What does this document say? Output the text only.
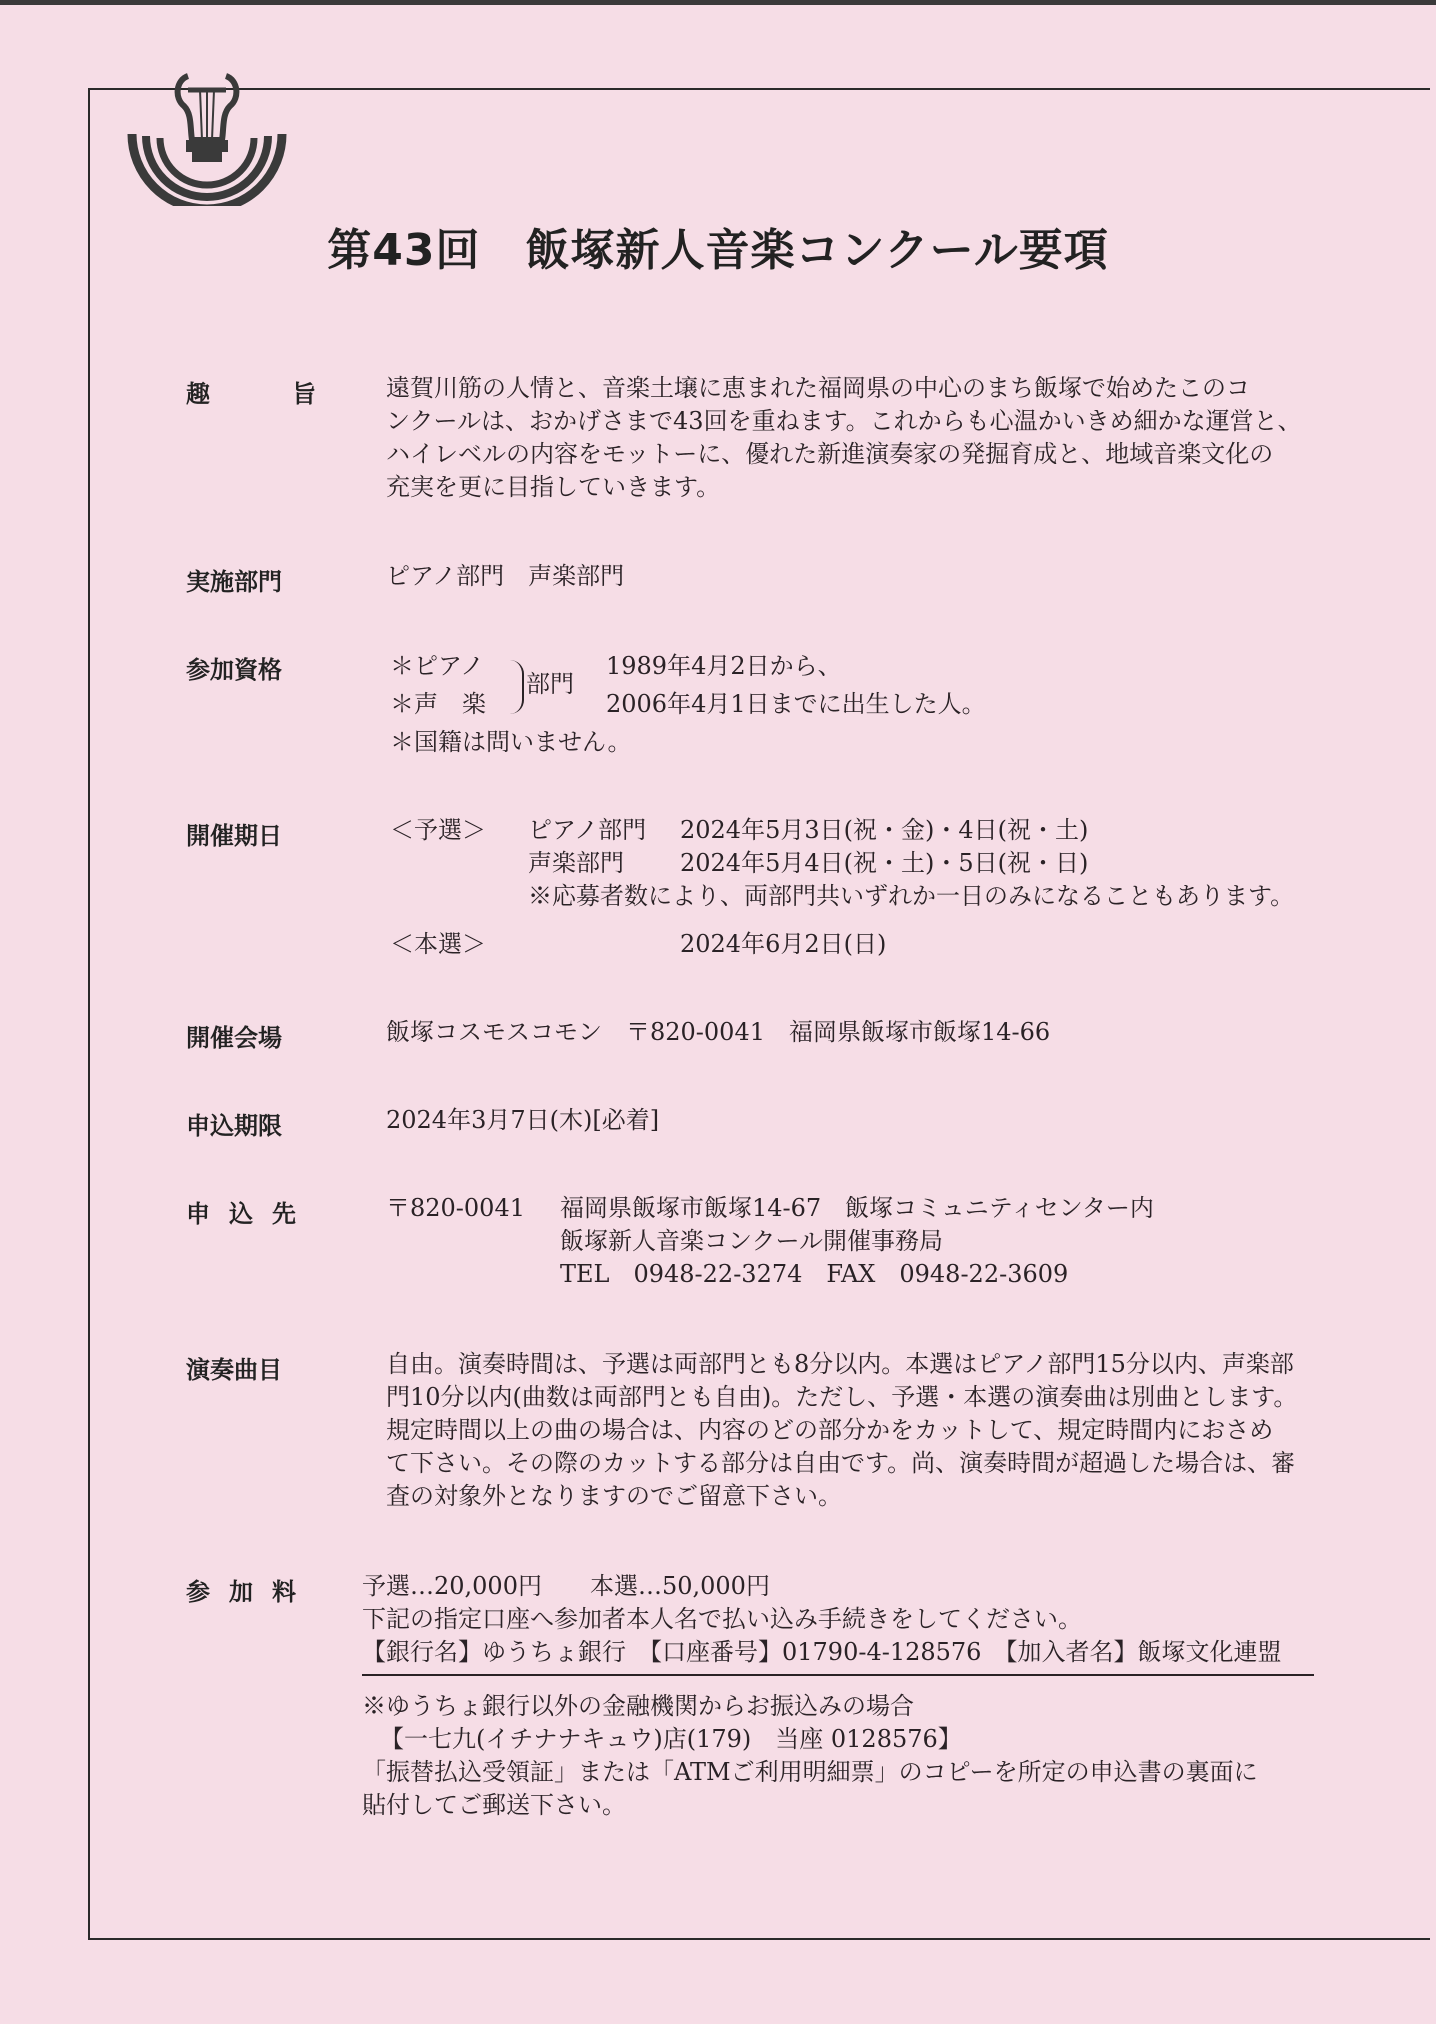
第43回　飯塚新人音楽コンクール要項
趣	旨	遠賀川筋の人情と、音楽土壌に恵まれた福岡県の中心のまち飯塚で始めたこのコ
ンクールは、おかげさまで43回を重ねます。これからも心温かいきめ細かな運営と、
ハイレベルの内容をモットーに、優れた新進演奏家の発掘育成と、地域音楽文化の
充実を更に目指していきます。
実施部門	ピアノ部門　声楽部門
参加資格	＊ピアノ
＊声　楽
部門
1989年4月2日から、
2006年4月1日までに出生した人。
＊国籍は問いません。
開催期日	＜予選＞ ピアノ部門 2024年5月3日(祝・金)・4日(祝・土)
声楽部門 2024年5月4日(祝・土)・5日(祝・日)
※応募者数により、両部門共いずれか一日のみになることもあります。
＜本選＞	2024年6月2日(日)
開催会場	飯塚コスモスコモン　〒820-0041　福岡県飯塚市飯塚14-66
申込期限	2024年3月7日(木)[必着]
申 込 先	〒820-0041 福岡県飯塚市飯塚14-67　飯塚コミュニティセンター内
飯塚新人音楽コンクール開催事務局
TEL　0948-22-3274　FAX　0948-22-3609
演奏曲目	自由。演奏時間は、予選は両部門とも8分以内。本選はピアノ部門15分以内、声楽部
門10分以内(曲数は両部門とも自由)。ただし、予選・本選の演奏曲は別曲とします。
規定時間以上の曲の場合は、内容のどの部分かをカットして、規定時間内におさめ
て下さい。その際のカットする部分は自由です。尚、演奏時間が超過した場合は、審
査の対象外となりますのでご留意下さい。
参 加 料	予選…20,000円　　本選…50,000円
下記の指定口座へ参加者本人名で払い込み手続きをしてください。
【銀行名】ゆうちょ銀行　【口座番号】01790-4-128576　【加入者名】飯塚文化連盟
※ゆうちょ銀行以外の金融機関からお振込みの場合
【一七九(イチナナキュウ)店(179)　当座 0128576】
「振替払込受領証」または「ATMご利用明細票」のコピーを所定の申込書の裏面に
貼付してご郵送下さい。
